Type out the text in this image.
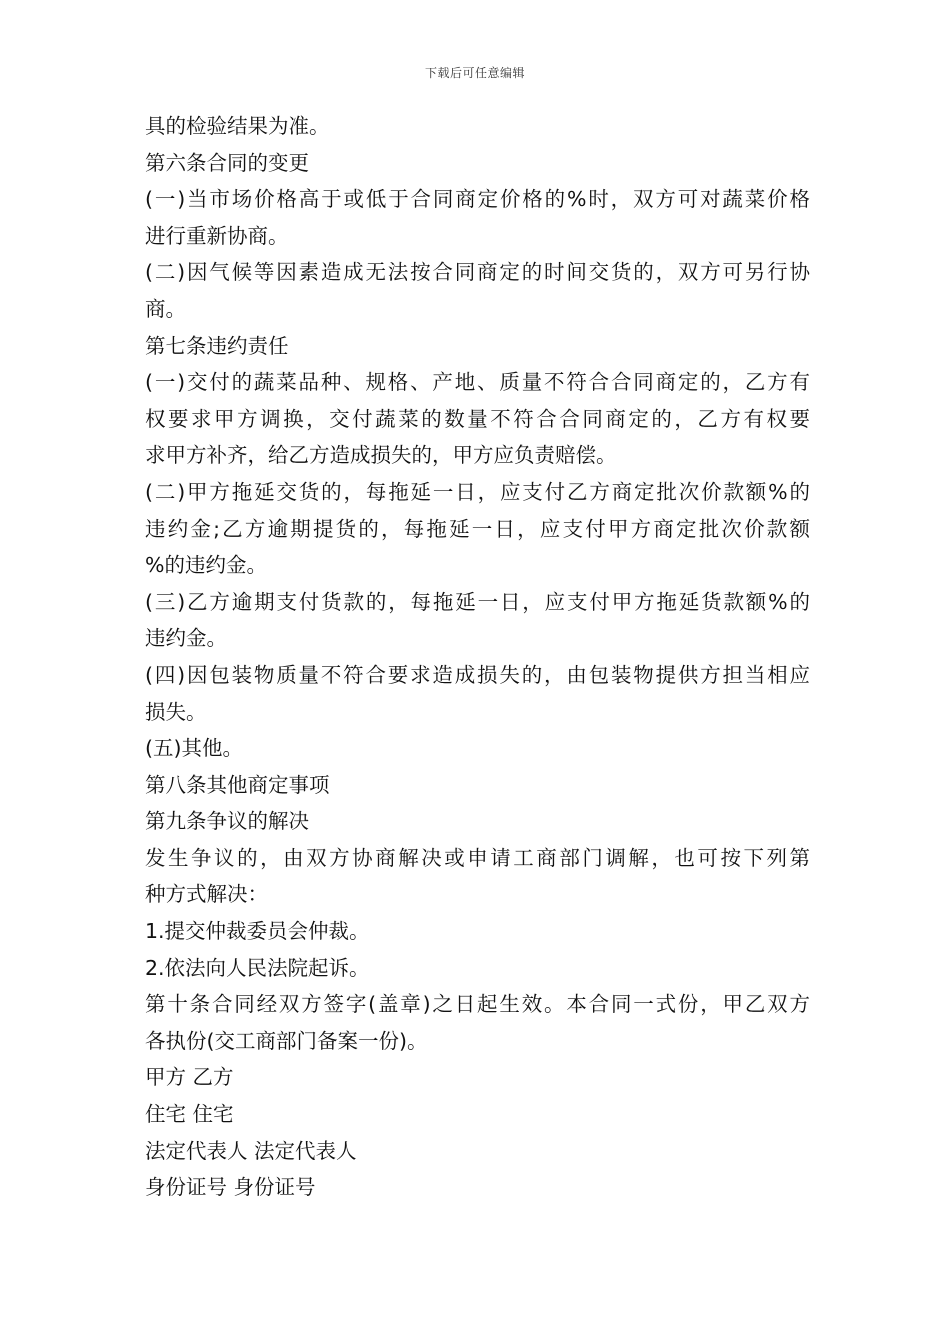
下载后可任意编辑
具的检验结果为准。
第六条合同的变更
(一)当市场价格高于或低于合同商定价格的%时，双方可对蔬菜价格
进行重新协商。
(二)因气候等因素造成无法按合同商定的时间交货的，双方可另行协
商。
第七条违约责任
(一)交付的蔬菜品种、规格、产地、质量不符合合同商定的，乙方有
权要求甲方调换，交付蔬菜的数量不符合合同商定的，乙方有权要
求甲方补齐，给乙方造成损失的，甲方应负责赔偿。
(二)甲方拖延交货的，每拖延一日，应支付乙方商定批次价款额%的
违约金;乙方逾期提货的，每拖延一日，应支付甲方商定批次价款额
%的违约金。
(三)乙方逾期支付货款的，每拖延一日，应支付甲方拖延货款额%的
违约金。
(四)因包装物质量不符合要求造成损失的，由包装物提供方担当相应
损失。
(五)其他。
第八条其他商定事项
第九条争议的解决
发生争议的，由双方协商解决或申请工商部门调解，也可按下列第
种方式解决：
1.提交仲裁委员会仲裁。
2.依法向人民法院起诉。
第十条合同经双方签字(盖章)之日起生效。本合同一式份，甲乙双方
各执份(交工商部门备案一份)。
甲方 乙方
住宅 住宅
法定代表人 法定代表人
身份证号 身份证号
